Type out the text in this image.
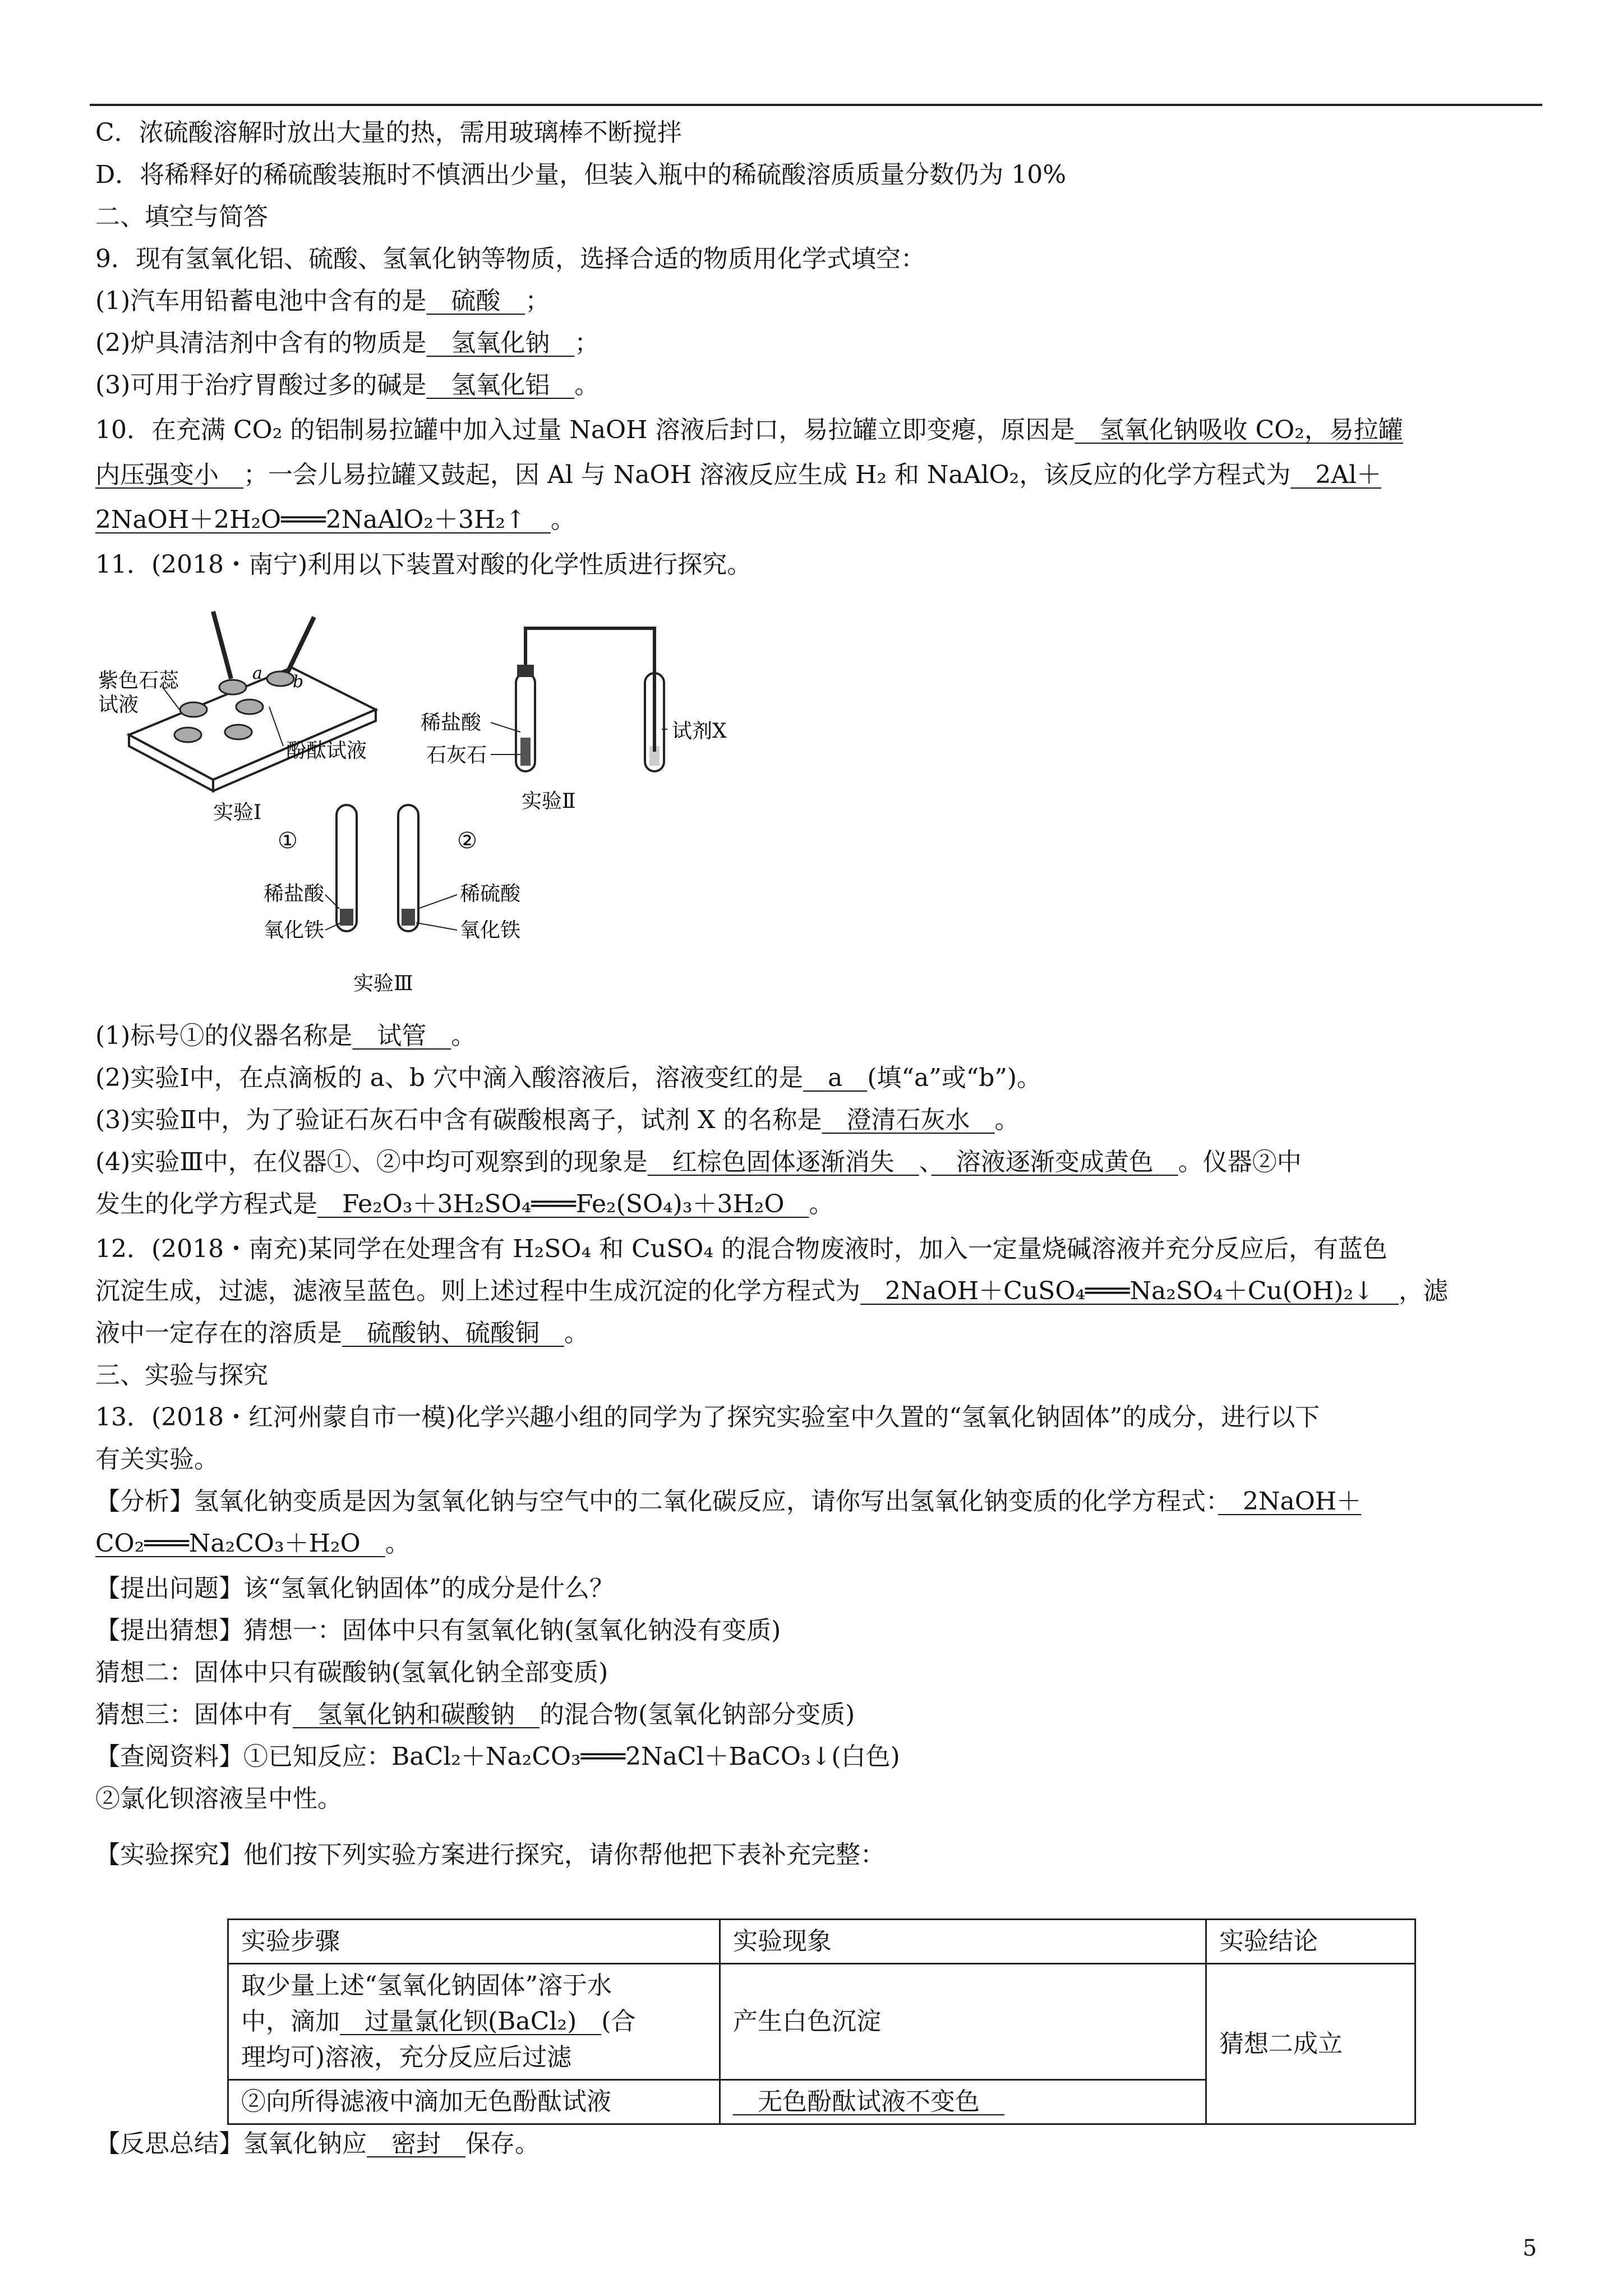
C．浓硫酸溶解时放出大量的热，需用玻璃棒不断搅拌
D．将稀释好的稀硫酸装瓶时不慎洒出少量，但装入瓶中的稀硫酸溶质质量分数仍为 10%
二、填空与简答
9．现有氢氧化铝、硫酸、氢氧化钠等物质，选择合适的物质用化学式填空：
(1)汽车用铅蓄电池中含有的是　硫酸　；
(2)炉具清洁剂中含有的物质是　氢氧化钠　；
(3)可用于治疗胃酸过多的碱是　氢氧化铝　。
10．在充满 CO₂ 的铝制易拉罐中加入过量 NaOH 溶液后封口，易拉罐立即变瘪，原因是　氢氧化钠吸收 CO₂，易拉罐
内压强变小　；一会儿易拉罐又鼓起，因 Al 与 NaOH 溶液反应生成 H₂ 和 NaAlO₂，该反应的化学方程式为　2Al＋
2NaOH＋2H₂O═══2NaAlO₂＋3H₂↑　。
11．(2018・南宁)利用以下装置对酸的化学性质进行探究。
a b
紫色石蕊
试液
酚酞试液
实验Ⅰ
稀盐酸
石灰石
试剂X
实验Ⅱ
①	②
稀盐酸
氧化铁
稀硫酸
氧化铁
实验Ⅲ
(1)标号①的仪器名称是　试管　。
(2)实验Ⅰ中，在点滴板的 a、b 穴中滴入酸溶液后，溶液变红的是　a　(填“a”或“b”)。
(3)实验Ⅱ中，为了验证石灰石中含有碳酸根离子，试剂 X 的名称是　澄清石灰水　。
(4)实验Ⅲ中，在仪器①、②中均可观察到的现象是　红棕色固体逐渐消失　、　溶液逐渐变成黄色　。仪器②中
发生的化学方程式是　Fe₂O₃＋3H₂SO₄═══Fe₂(SO₄)₃＋3H₂O　。
12．(2018・南充)某同学在处理含有 H₂SO₄ 和 CuSO₄ 的混合物废液时，加入一定量烧碱溶液并充分反应后，有蓝色
沉淀生成，过滤，滤液呈蓝色。则上述过程中生成沉淀的化学方程式为　2NaOH＋CuSO₄═══Na₂SO₄＋Cu(OH)₂↓　，滤
液中一定存在的溶质是　硫酸钠、硫酸铜　。
三、实验与探究
13．(2018・红河州蒙自市一模)化学兴趣小组的同学为了探究实验室中久置的“氢氧化钠固体”的成分，进行以下
有关实验。
【分析】氢氧化钠变质是因为氢氧化钠与空气中的二氧化碳反应，请你写出氢氧化钠变质的化学方程式：　2NaOH＋
CO₂═══Na₂CO₃＋H₂O　。
【提出问题】该“氢氧化钠固体”的成分是什么？
【提出猜想】猜想一：固体中只有氢氧化钠(氢氧化钠没有变质)
猜想二：固体中只有碳酸钠(氢氧化钠全部变质)
猜想三：固体中有　氢氧化钠和碳酸钠　的混合物(氢氧化钠部分变质)
【查阅资料】①已知反应：BaCl₂＋Na₂CO₃═══2NaCl＋BaCO₃↓(白色)
②氯化钡溶液呈中性。
【实验探究】他们按下列实验方案进行探究，请你帮他把下表补充完整：
实验步骤	实验现象	实验结论

取少量上述“氢氧化钠固体”溶于水
中，滴加　过量氯化钡(BaCl₂)　(合
理均可)溶液，充分反应后过滤	产生白色沉淀	猜想二成立
②向所得滤液中滴加无色酚酞试液	　无色酚酞试液不变色　	
【反思总结】氢氧化钠应　密封　保存。
5
